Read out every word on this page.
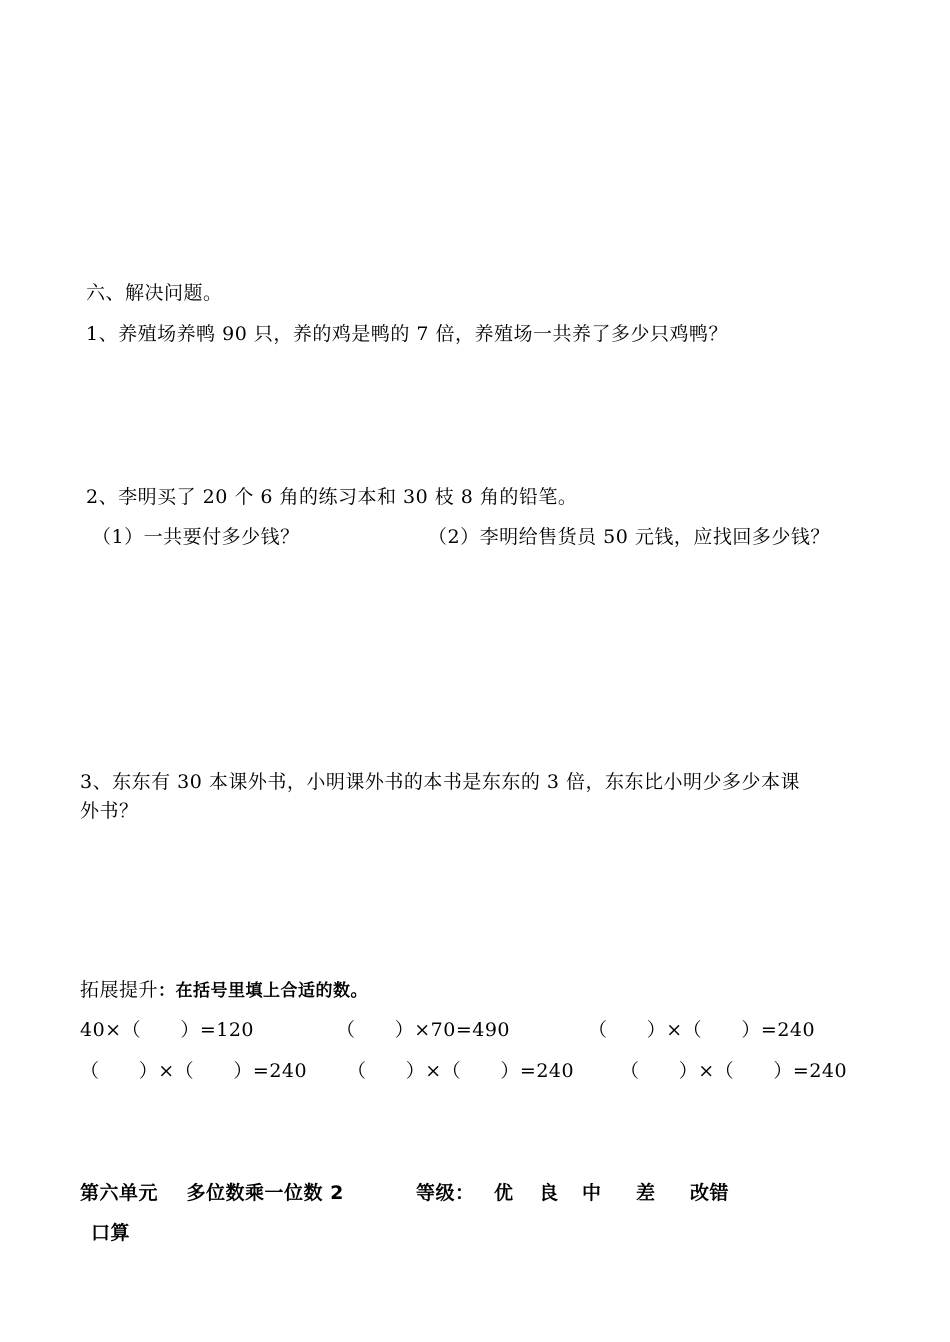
六、解决问题。
1、养殖场养鸭 90 只，养的鸡是鸭的 7 倍，养殖场一共养了多少只鸡鸭？
2、李明买了 20 个 6 角的练习本和 30 枝 8 角的铅笔。
（1）一共要付多少钱？	（2）李明给售货员 50 元钱，应找回多少钱？
3、东东有 30 本课外书，小明课外书的本书是东东的 3 倍，东东比小明少多少本课
外书？
拓展提升：在括号里填上合适的数。
40×（      ）=120	（      ）×70=490	（      ）×（      ）=240
（      ）×（      ）=240 （      ）×（      ）=240 （      ）×（      ）=240
第六单元    多位数乘一位数 2	等级： 优 良 中 差 改错
口算
